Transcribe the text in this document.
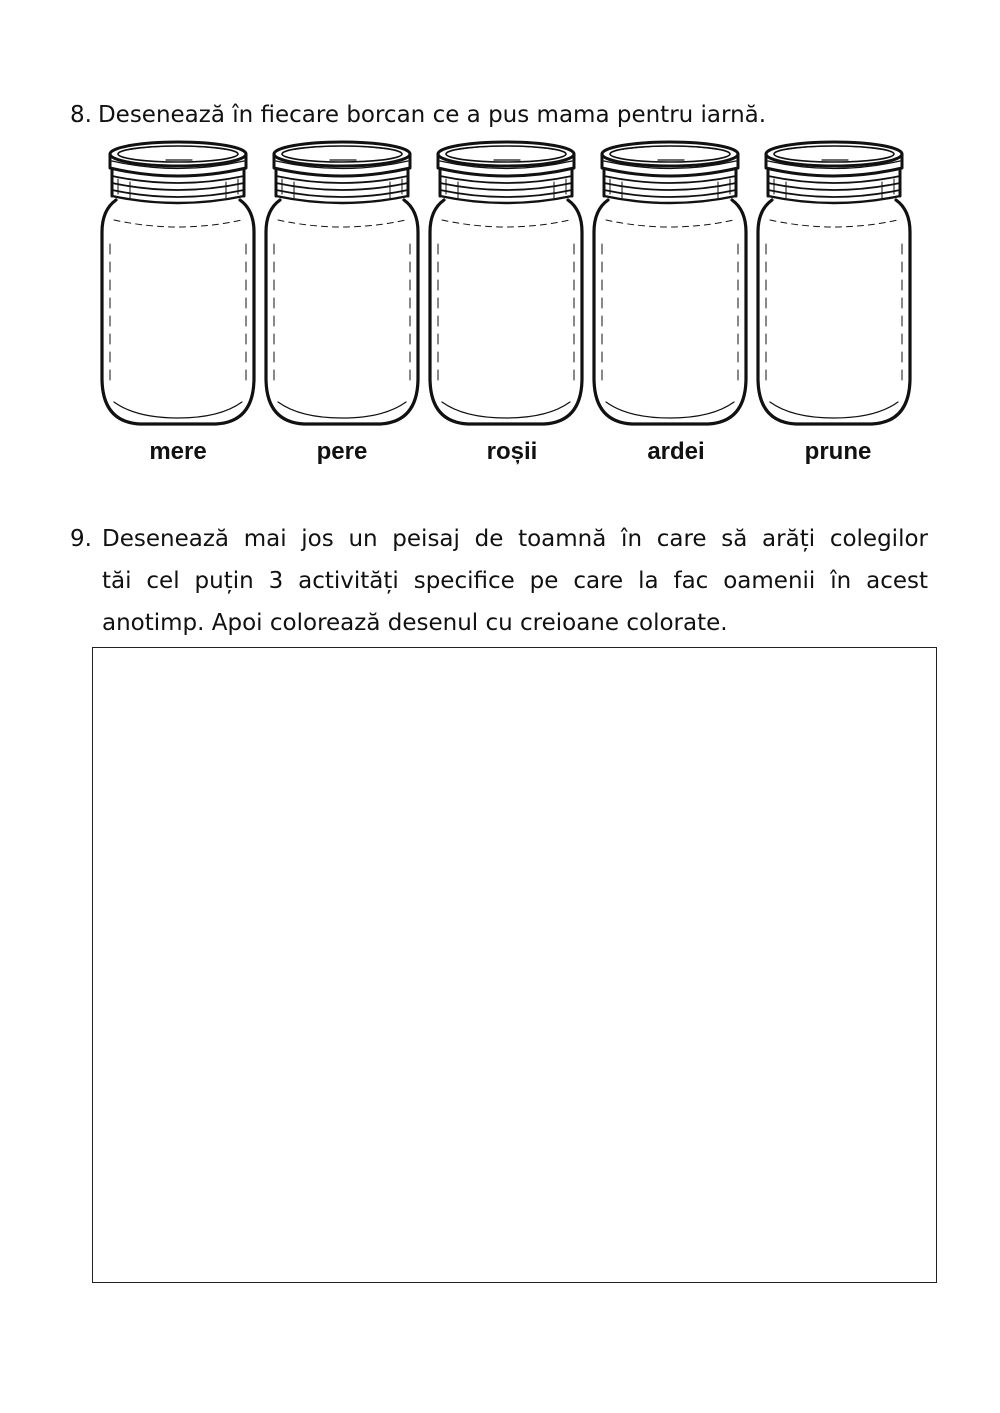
8. Desenează în fiecare borcan ce a pus mama pentru iarnă.
mere	pere	roșii	ardei	prune
9. Desenează mai jos un peisaj de toamnă în care să arăți colegilor
tăi cel puțin 3 activități specifice pe care la fac oamenii în acest
anotimp. Apoi colorează desenul cu creioane colorate.
